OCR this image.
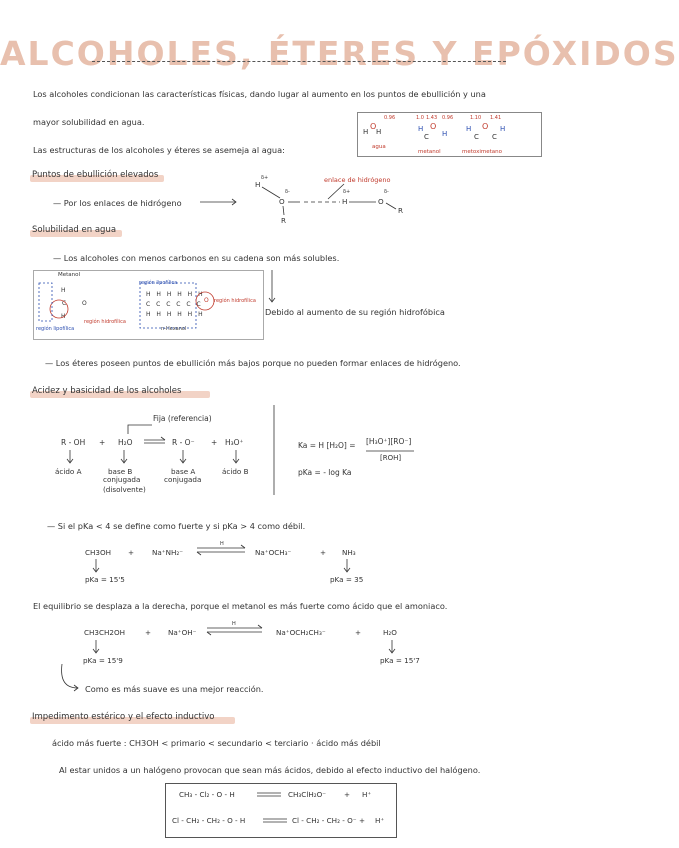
ALCOHOLES, ÉTERES Y EPÓXIDOS
Los alcoholes condicionan las características físicas, dando lugar al aumento en los puntos de ebullición y una
mayor solubilidad en agua.
Las estructuras de los alcoholes y éteres se asemeja al agua:
0.96
O
H H
agua
1.0 1.43 0.96
H O
C H
metanol
1.10 1.41
H O
C C
H
metoximetano
Puntos de ebullición elevados
— Por los enlaces de hidrógeno
H
δ+	enlace de hidrógeno
δ-
O
R
δ+
H
δ-
O
R
Solubilidad en agua
— Los alcoholes con menos carbonos en su cadena son más solubles.
Metanol
H
C	O
H
región lipofílica
región hidrofílica
región lipofílica
H H H H H H
C C C C C C
H H H H H H
O región hidrofílica
n-Hexanol
Debido al aumento de su región hidrofóbica
— Los éteres poseen puntos de ebullición más bajos porque no pueden formar enlaces de hidrógeno.
Acidez y basicidad de los alcoholes
Fija (referencia)
R - OH + H₂O	R - O⁻ + H₃O⁺
ácido A	base B
conjugada
(disolvente)
base A
conjugada
ácido B
Ka = H [H₂O] = [H₃O⁺][RO⁻]
[ROH]
pKa = - log Ka
— Si el pKa < 4 se define como fuerte y si pKa > 4 como débil.
CH3OH + Na⁺NH₂⁻
H
Na⁺OCH₃⁻	+ NH₃
pKa = 15'5	pKa = 35
El equilibrio se desplaza a la derecha, porque el metanol es más fuerte como ácido que el amoniaco.
CH3CH2OH	+ Na⁺OH⁻
H
Na⁺OCH₂CH₃⁻	+	H₂O
pKa = 15'9	pKa = 15'7
Como es más suave es una mejor reacción.
Impedimento estérico y el efecto inductivo
ácido más fuerte : CH3OH < primario < secundario < terciario · ácido más débil
Al estar unidos a un halógeno provocan que sean más ácidos, debido al efecto inductivo del halógeno.
CH₃ - Cl₂ - O - H	CH₃ClH₂O⁻ + H⁺
Cl - CH₂ - CH₂ - O - H	Cl - CH₂ - CH₂ - O⁻ + H⁺
